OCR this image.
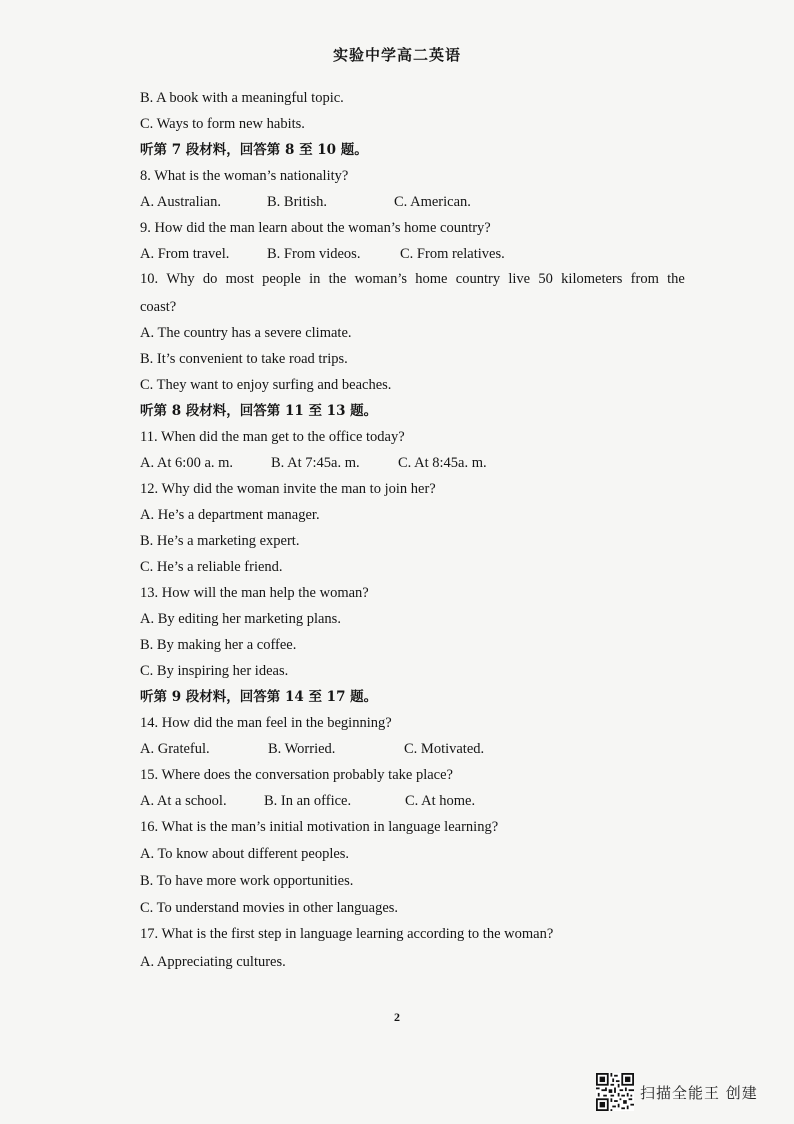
实验中学高二英语
B. A book with a meaningful topic.
C. Ways to form new habits.
听第 7 段材料，回答第 8 至 10 题。
8. What is the woman’s nationality?
A. Australian.	B. British.	C. American.
9. How did the man learn about the woman’s home country?
A. From travel.	B. From videos.	C. From relatives.
10. Why do most people in the woman’s home country live 50 kilometers from the
coast?
A. The country has a severe climate.
B. It’s convenient to take road trips.
C. They want to enjoy surfing and beaches.
听第 8 段材料，回答第 11 至 13 题。
11. When did the man get to the office today?
A. At 6:00 a. m.	B. At 7:45a. m.	C. At 8:45a. m.
12. Why did the woman invite the man to join her?
A. He’s a department manager.
B. He’s a marketing expert.
C. He’s a reliable friend.
13. How will the man help the woman?
A. By editing her marketing plans.
B. By making her a coffee.
C. By inspiring her ideas.
听第 9 段材料，回答第 14 至 17 题。
14. How did the man feel in the beginning?
A. Grateful.	B. Worried.	C. Motivated.
15. Where does the conversation probably take place?
A. At a school.	B. In an office.	C. At home.
16. What is the man’s initial motivation in language learning?
A. To know about different peoples.
B. To have more work opportunities.
C. To understand movies in other languages.
17. What is the first step in language learning according to the woman?
A. Appreciating cultures.
2
扫描全能王 创建
